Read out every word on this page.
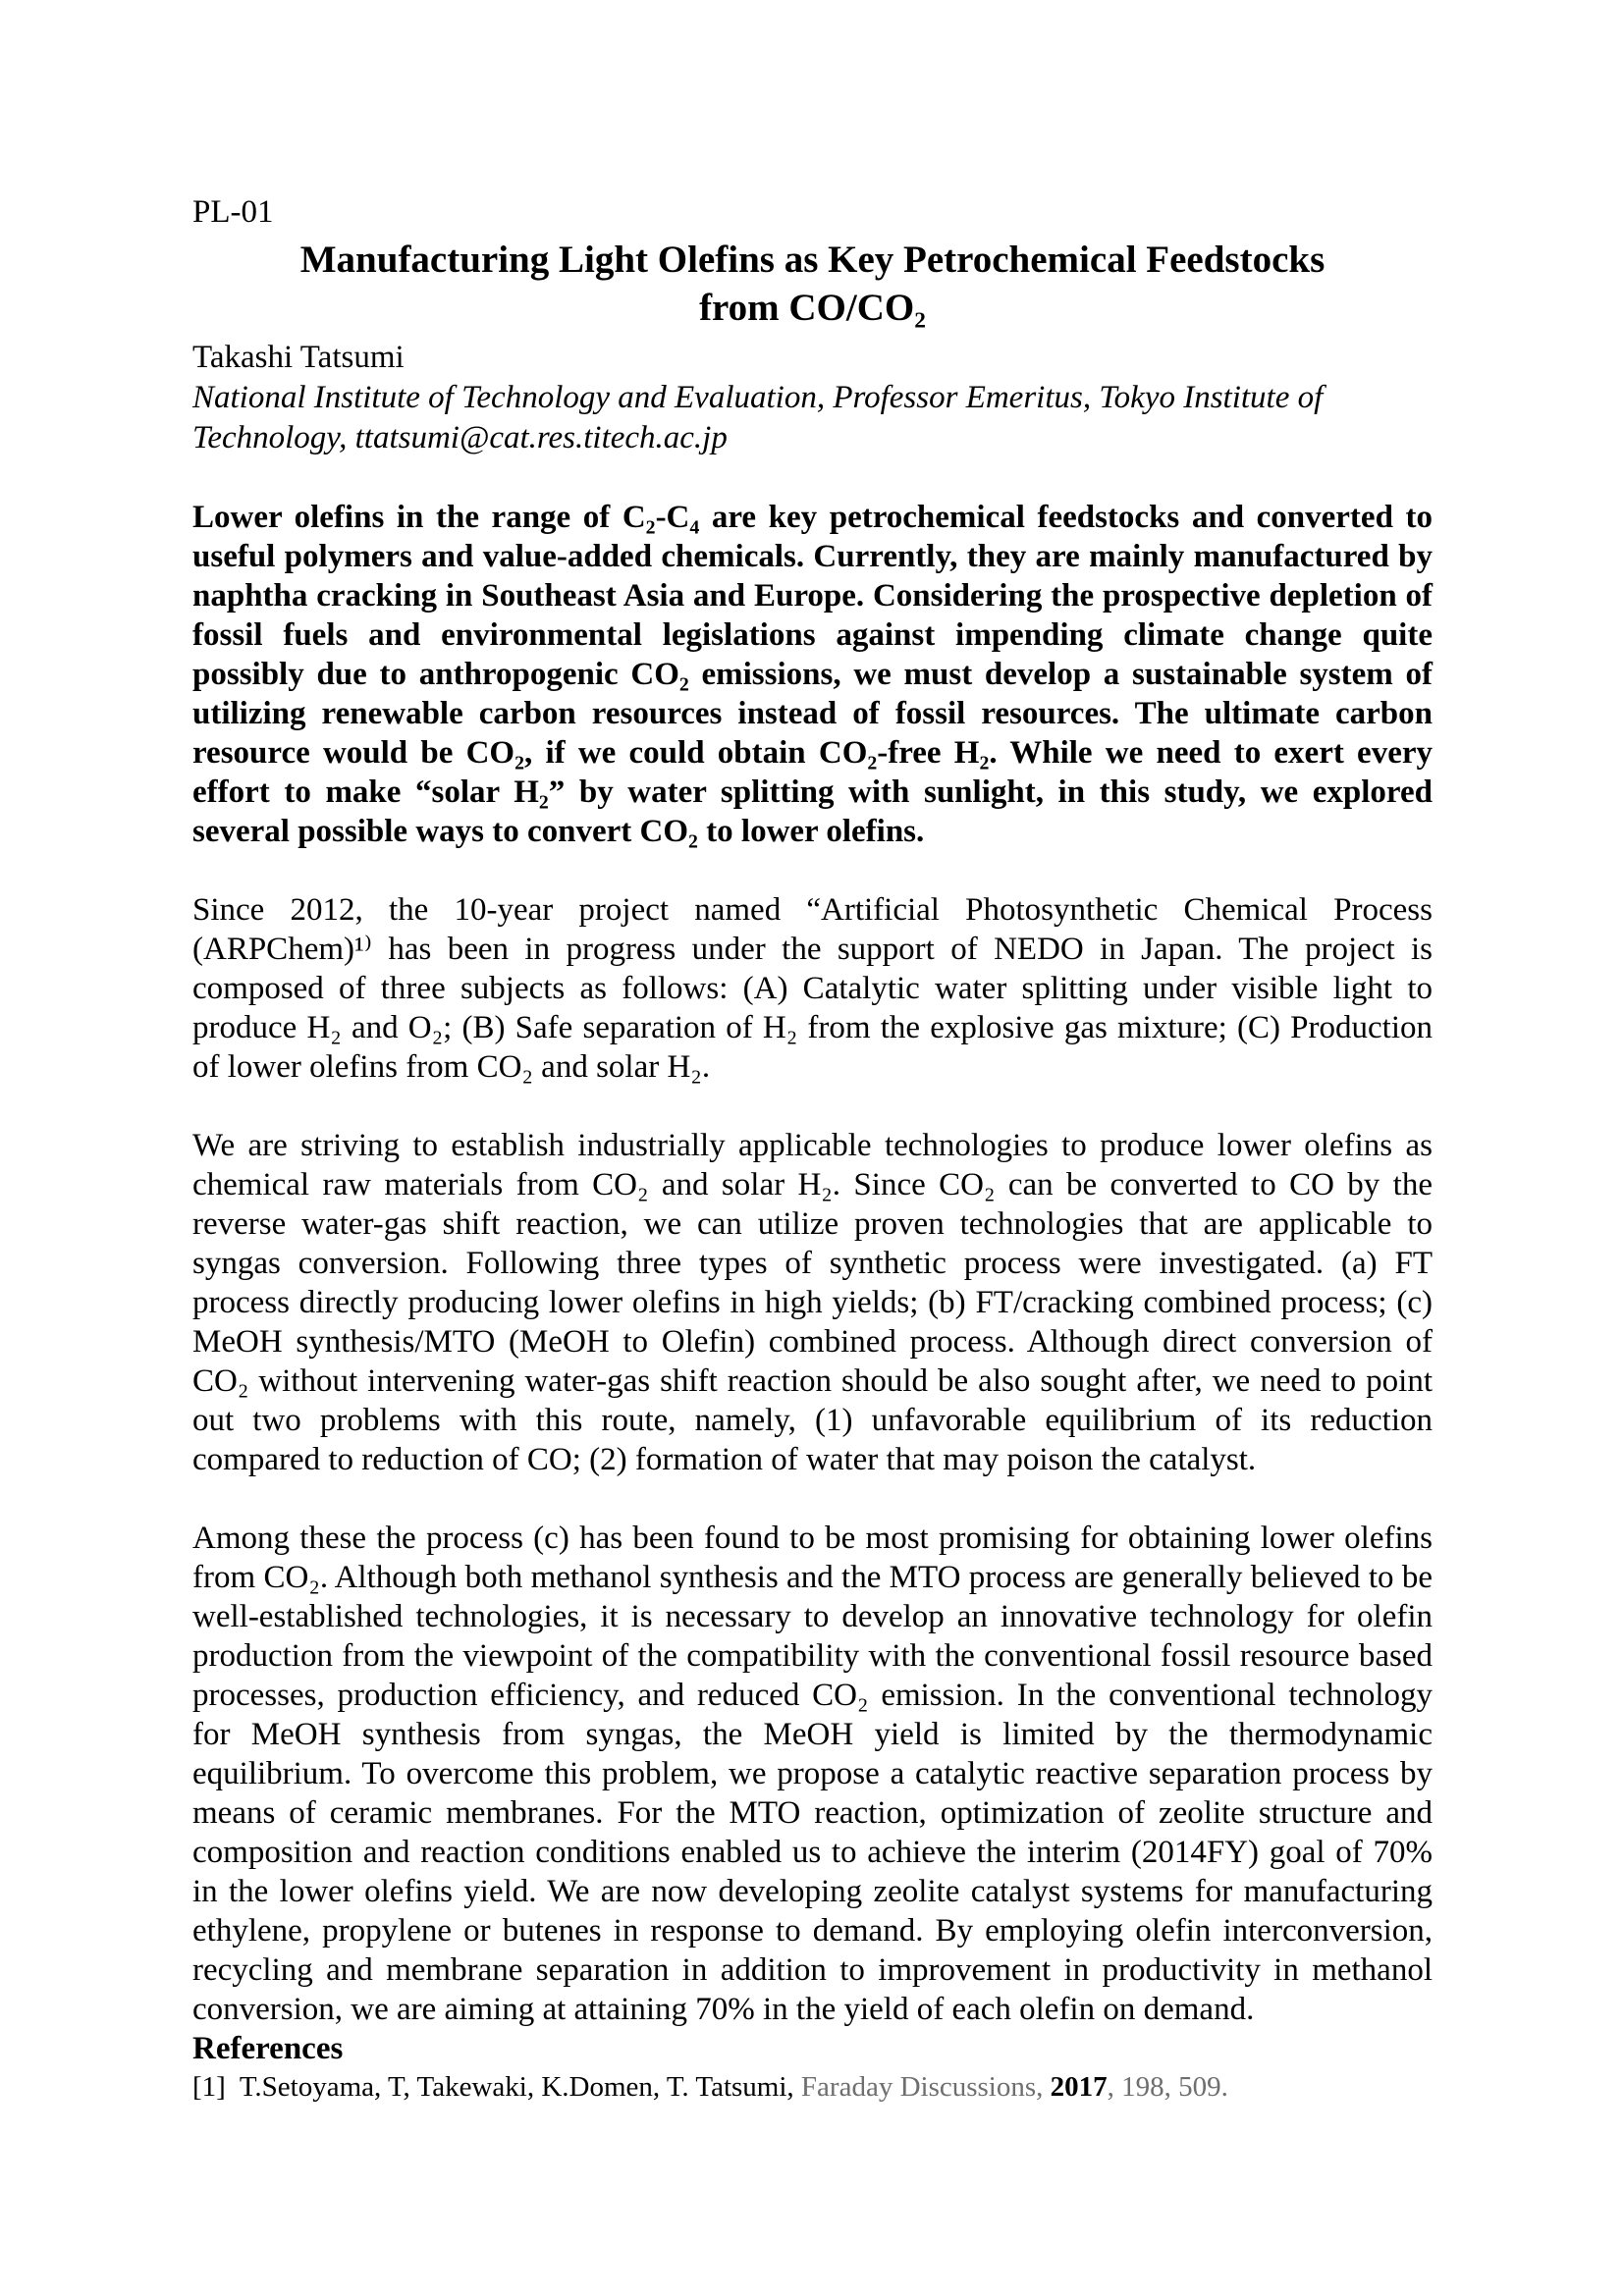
PL-01
Manufacturing Light Olefins as Key Petrochemical Feedstocks
from CO/CO₂
Takashi Tatsumi
National Institute of Technology and Evaluation, Professor Emeritus, Tokyo Institute of
Technology, ttatsumi@cat.res.titech.ac.jp

Lower olefins in the range of C₂-C₄ are key petrochemical feedstocks and converted to useful polymers and value-added chemicals. Currently, they are mainly manufactured by naphtha cracking in Southeast Asia and Europe. Considering the prospective depletion of fossil fuels and environmental legislations against impending climate change quite possibly due to anthropogenic CO₂ emissions, we must develop a sustainable system of utilizing renewable carbon resources instead of fossil resources. The ultimate carbon resource would be CO₂, if we could obtain CO₂-free H₂. While we need to exert every effort to make “solar H₂” by water splitting with sunlight, in this study, we explored several possible ways to convert CO₂ to lower olefins.

Since 2012, the 10-year project named “Artificial Photosynthetic Chemical Process (ARPChem)¹⁾ has been in progress under the support of NEDO in Japan. The project is composed of three subjects as follows: (A) Catalytic water splitting under visible light to produce H₂ and O₂; (B) Safe separation of H₂ from the explosive gas mixture; (C) Production of lower olefins from CO₂ and solar H₂.

We are striving to establish industrially applicable technologies to produce lower olefins as chemical raw materials from CO₂ and solar H₂. Since CO₂ can be converted to CO by the reverse water-gas shift reaction, we can utilize proven technologies that are applicable to syngas conversion. Following three types of synthetic process were investigated. (a) FT process directly producing lower olefins in high yields; (b) FT/cracking combined process; (c) MeOH synthesis/MTO (MeOH to Olefin) combined process. Although direct conversion of CO₂ without intervening water-gas shift reaction should be also sought after, we need to point out two problems with this route, namely, (1) unfavorable equilibrium of its reduction compared to reduction of CO; (2) formation of water that may poison the catalyst.

Among these the process (c) has been found to be most promising for obtaining lower olefins from CO₂. Although both methanol synthesis and the MTO process are generally believed to be well-established technologies, it is necessary to develop an innovative technology for olefin production from the viewpoint of the compatibility with the conventional fossil resource based processes, production efficiency, and reduced CO₂ emission. In the conventional technology for MeOH synthesis from syngas, the MeOH yield is limited by the thermodynamic equilibrium. To overcome this problem, we propose a catalytic reactive separation process by means of ceramic membranes. For the MTO reaction, optimization of zeolite structure and composition and reaction conditions enabled us to achieve the interim (2014FY) goal of 70% in the lower olefins yield. We are now developing zeolite catalyst systems for manufacturing ethylene, propylene or butenes in response to demand. By employing olefin interconversion, recycling and membrane separation in addition to improvement in productivity in methanol conversion, we are aiming at attaining 70% in the yield of each olefin on demand.

References
[1] T.Setoyama, T, Takewaki, K.Domen, T. Tatsumi, Faraday Discussions, 2017, 198, 509.
